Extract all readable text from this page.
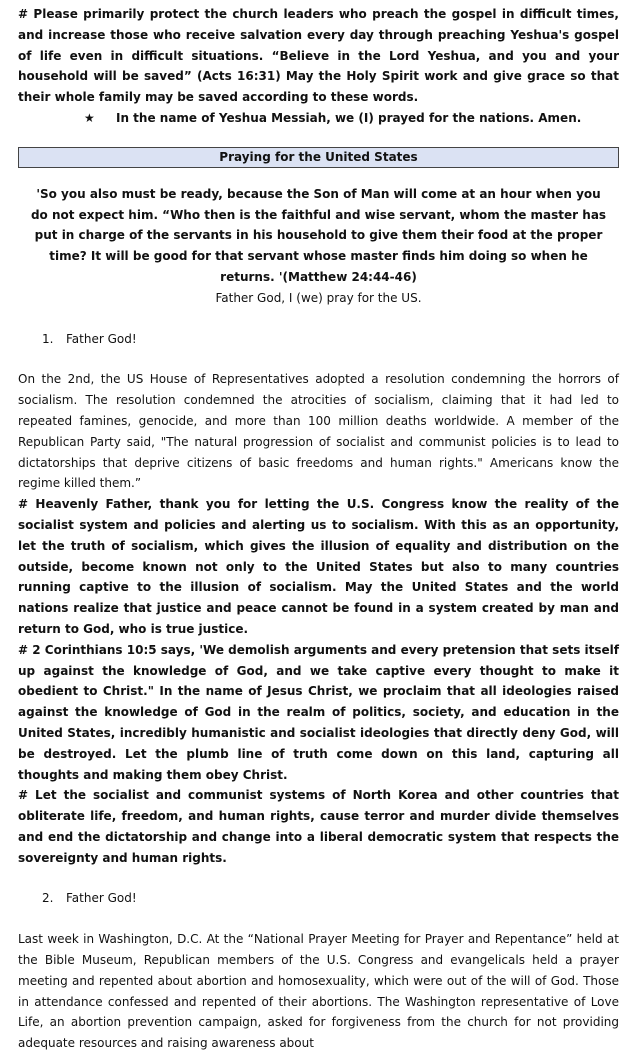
# Please primarily protect the church leaders who preach the gospel in difficult times, and increase those who receive salvation every day through preaching Yeshua's gospel of life even in difficult situations. “Believe in the Lord Yeshua, and you and your household will be saved” (Acts 16:31) May the Holy Spirit work and give grace so that their whole family may be saved according to these words.

★ In the name of Yeshua Messiah, we (I) prayed for the nations. Amen.

Praying for the United States

'So you also must be ready, because the Son of Man will come at an hour when you do not expect him. “Who then is the faithful and wise servant, whom the master has put in charge of the servants in his household to give them their food at the proper time? It will be good for that servant whose master finds him doing so when he returns. '(Matthew 24:44-46)

Father God, I (we) pray for the US.

1. Father God!

On the 2nd, the US House of Representatives adopted a resolution condemning the horrors of socialism. The resolution condemned the atrocities of socialism, claiming that it had led to repeated famines, genocide, and more than 100 million deaths worldwide. A member of the Republican Party said, "The natural progression of socialist and communist policies is to lead to dictatorships that deprive citizens of basic freedoms and human rights." Americans know the regime killed them.”

# Heavenly Father, thank you for letting the U.S. Congress know the reality of the socialist system and policies and alerting us to socialism. With this as an opportunity, let the truth of socialism, which gives the illusion of equality and distribution on the outside, become known not only to the United States but also to many countries running captive to the illusion of socialism. May the United States and the world nations realize that justice and peace cannot be found in a system created by man and return to God, who is true justice.

# 2 Corinthians 10:5 says, 'We demolish arguments and every pretension that sets itself up against the knowledge of God, and we take captive every thought to make it obedient to Christ." In the name of Jesus Christ, we proclaim that all ideologies raised against the knowledge of God in the realm of politics, society, and education in the United States, incredibly humanistic and socialist ideologies that directly deny God, will be destroyed. Let the plumb line of truth come down on this land, capturing all thoughts and making them obey Christ.

# Let the socialist and communist systems of North Korea and other countries that obliterate life, freedom, and human rights, cause terror and murder divide themselves and end the dictatorship and change into a liberal democratic system that respects the sovereignty and human rights.

2. Father God!

Last week in Washington, D.C. At the “National Prayer Meeting for Prayer and Repentance” held at the Bible Museum, Republican members of the U.S. Congress and evangelicals held a prayer meeting and repented about abortion and homosexuality, which were out of the will of God. Those in attendance confessed and repented of their abortions. The Washington representative of Love Life, an abortion prevention campaign, asked for forgiveness from the church for not providing adequate resources and raising awareness about
